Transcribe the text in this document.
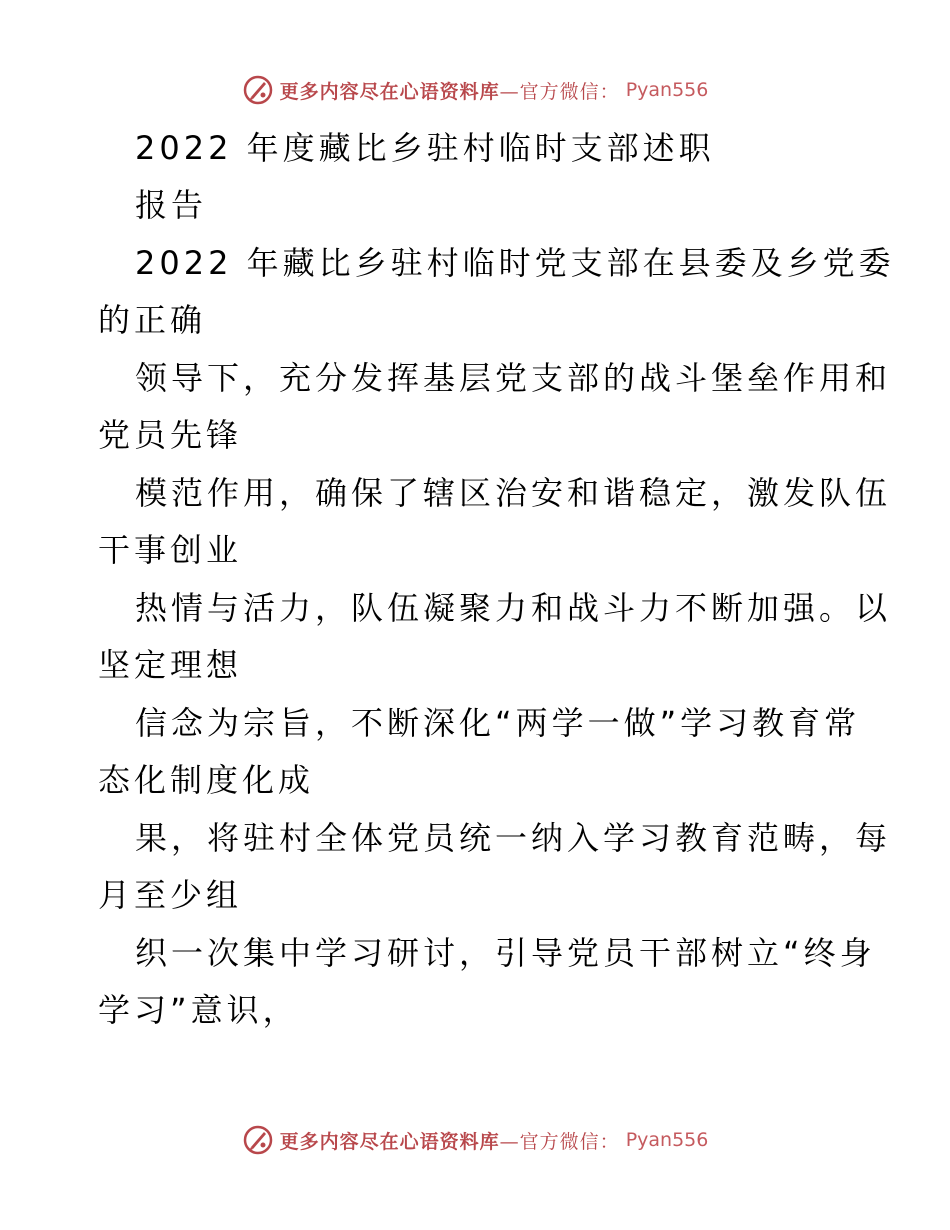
更多内容尽在心语资料库—官方微信： Pyan556
2022 年度藏比乡驻村临时支部述职
报告
2022 年藏比乡驻村临时党支部在县委及乡党委
的正确
领导下，充分发挥基层党支部的战斗堡垒作用和
党员先锋
模范作用，确保了辖区治安和谐稳定，激发队伍
干事创业
热情与活力，队伍凝聚力和战斗力不断加强。以
坚定理想
信念为宗旨，不断深化“两学一做”学习教育常
态化制度化成
果，将驻村全体党员统一纳入学习教育范畴，每
月至少组
织一次集中学习研讨，引导党员干部树立“终身
学习”意识，
更多内容尽在心语资料库—官方微信： Pyan556
